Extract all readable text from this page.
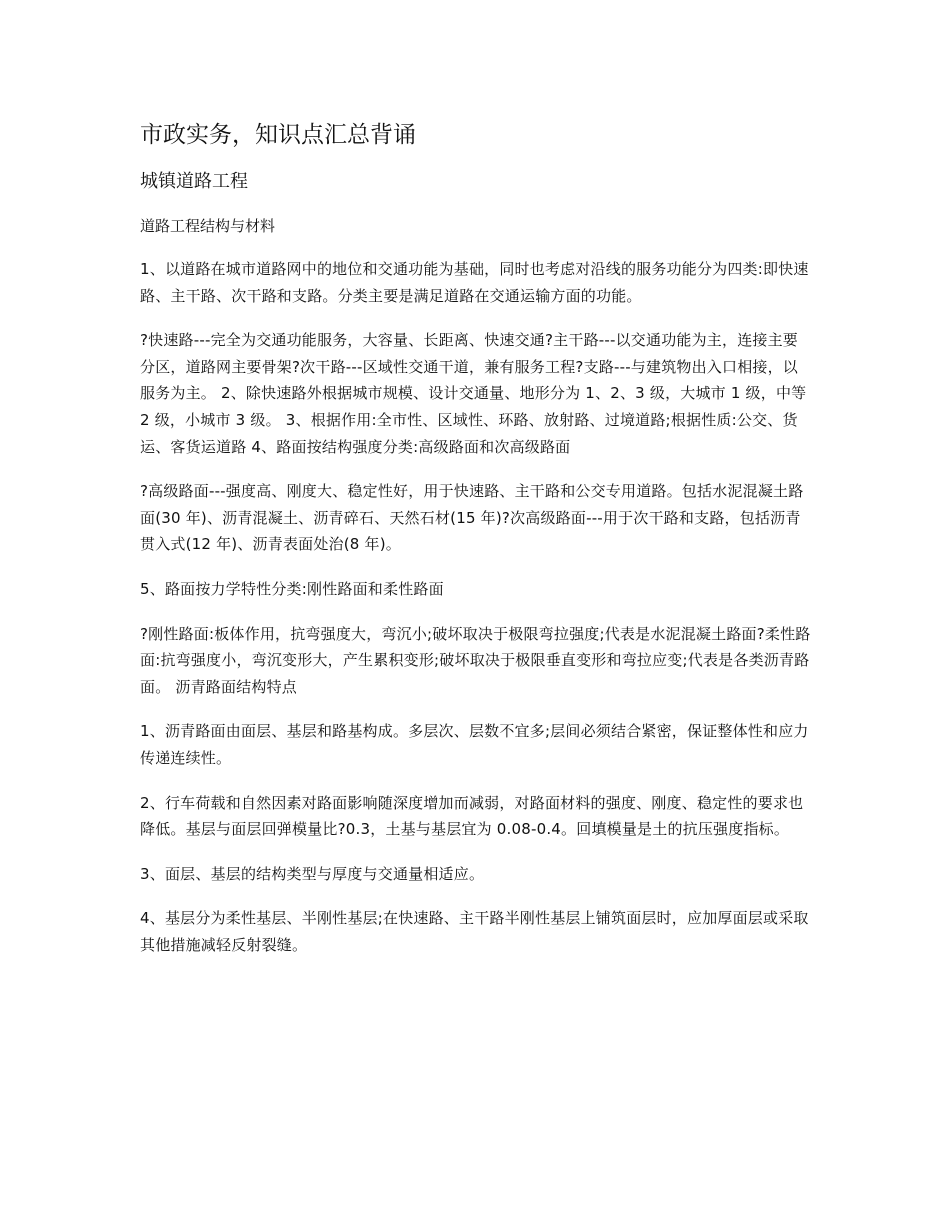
市政实务，知识点汇总背诵
城镇道路工程
道路工程结构与材料

1、以道路在城市道路网中的地位和交通功能为基础，同时也考虑对沿线的服务功能分为四类:即快速路、主干路、次干路和支路。分类主要是满足道路在交通运输方面的功能。

?快速路---完全为交通功能服务，大容量、长距离、快速交通?主干路---以交通功能为主，连接主要分区，道路网主要骨架?次干路---区域性交通干道，兼有服务工程?支路---与建筑物出入口相接，以服务为主。 2、除快速路外根据城市规模、设计交通量、地形分为 1、2、3 级，大城市 1 级，中等 2 级，小城市 3 级。 3、根据作用:全市性、区域性、环路、放射路、过境道路;根据性质:公交、货运、客货运道路 4、路面按结构强度分类:高级路面和次高级路面

?高级路面---强度高、刚度大、稳定性好，用于快速路、主干路和公交专用道路。包括水泥混凝土路面(30 年)、沥青混凝土、沥青碎石、天然石材(15 年)?次高级路面---用于次干路和支路，包括沥青贯入式(12 年)、沥青表面处治(8 年)。

5、路面按力学特性分类:刚性路面和柔性路面

?刚性路面:板体作用，抗弯强度大，弯沉小;破坏取决于极限弯拉强度;代表是水泥混凝土路面?柔性路面:抗弯强度小，弯沉变形大，产生累积变形;破坏取决于极限垂直变形和弯拉应变;代表是各类沥青路面。 沥青路面结构特点

1、沥青路面由面层、基层和路基构成。多层次、层数不宜多;层间必须结合紧密，保证整体性和应力传递连续性。

2、行车荷载和自然因素对路面影响随深度增加而减弱，对路面材料的强度、刚度、稳定性的要求也降低。基层与面层回弹模量比?0.3，土基与基层宜为 0.08-0.4。回填模量是土的抗压强度指标。

3、面层、基层的结构类型与厚度与交通量相适应。

4、基层分为柔性基层、半刚性基层;在快速路、主干路半刚性基层上铺筑面层时，应加厚面层或采取其他措施减轻反射裂缝。
